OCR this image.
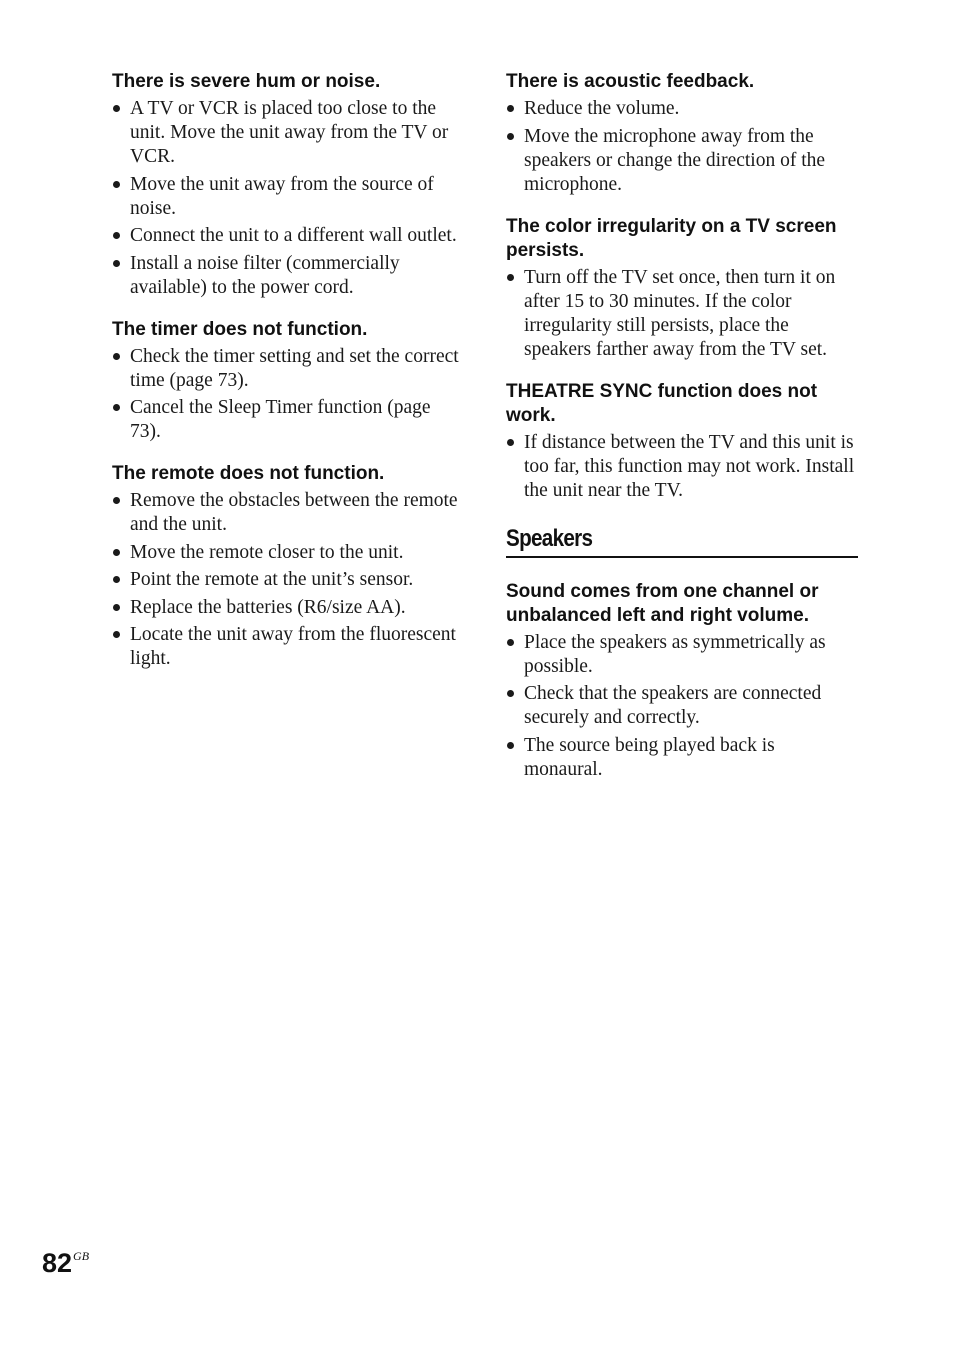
There is severe hum or noise.
A TV or VCR is placed too close to the unit. Move the unit away from the TV or VCR.
Move the unit away from the source of noise.
Connect the unit to a different wall outlet.
Install a noise filter (commercially available) to the power cord.
The timer does not function.
Check the timer setting and set the correct time (page 73).
Cancel the Sleep Timer function (page 73).
The remote does not function.
Remove the obstacles between the remote and the unit.
Move the remote closer to the unit.
Point the remote at the unit’s sensor.
Replace the batteries (R6/size AA).
Locate the unit away from the fluorescent light.
There is acoustic feedback.
Reduce the volume.
Move the microphone away from the speakers or change the direction of the microphone.
The color irregularity on a TV screen persists.
Turn off the TV set once, then turn it on after 15 to 30 minutes. If the color irregularity still persists, place the speakers farther away from the TV set.
THEATRE SYNC function does not work.
If distance between the TV and this unit is too far, this function may not work. Install the unit near the TV.
Speakers
Sound comes from one channel or unbalanced left and right volume.
Place the speakers as symmetrically as possible.
Check that the speakers are connected securely and correctly.
The source being played back is monaural.
$82^{GB}$
